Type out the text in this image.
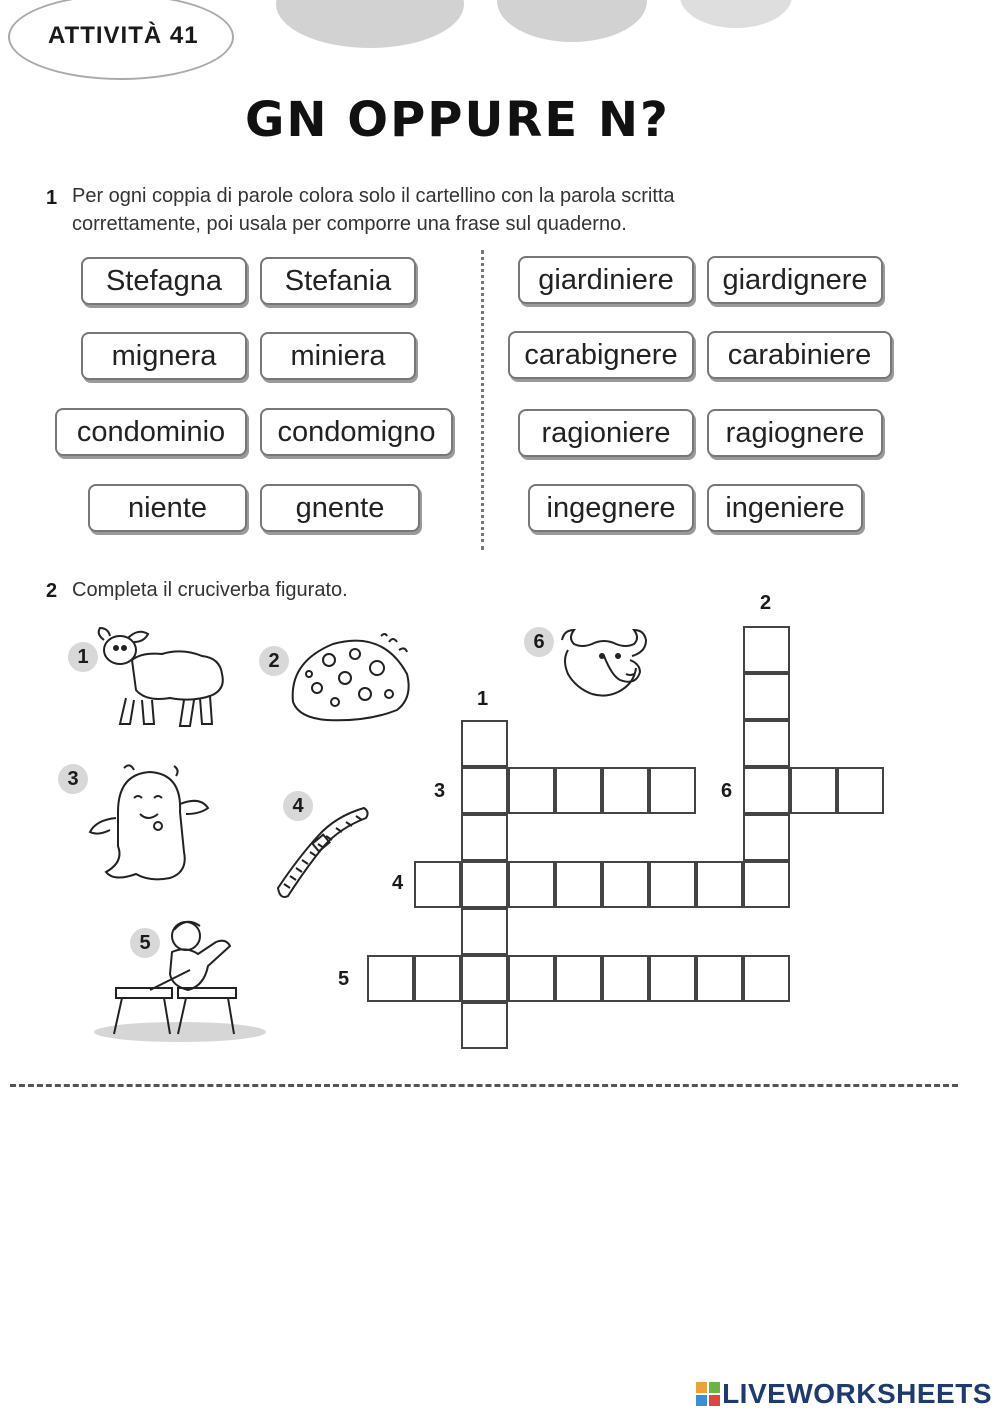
ATTIVITÀ 41
GN OPPURE N?
1 Per ogni coppia di parole colora solo il cartellino con la parola scritta
correttamente, poi usala per comporre una frase sul quaderno.
Stefagna	Stefania
mignera	miniera
condominio	condomigno
niente	gnente
giardiniere	giardignere
carabignere	carabiniere
ragioniere	ragiognere
ingegnere	ingeniere
2 Completa il cruciverba figurato.
1	2
3
4
5
6
1
2
3
4
5
6
LIVEWORKSHEETS
